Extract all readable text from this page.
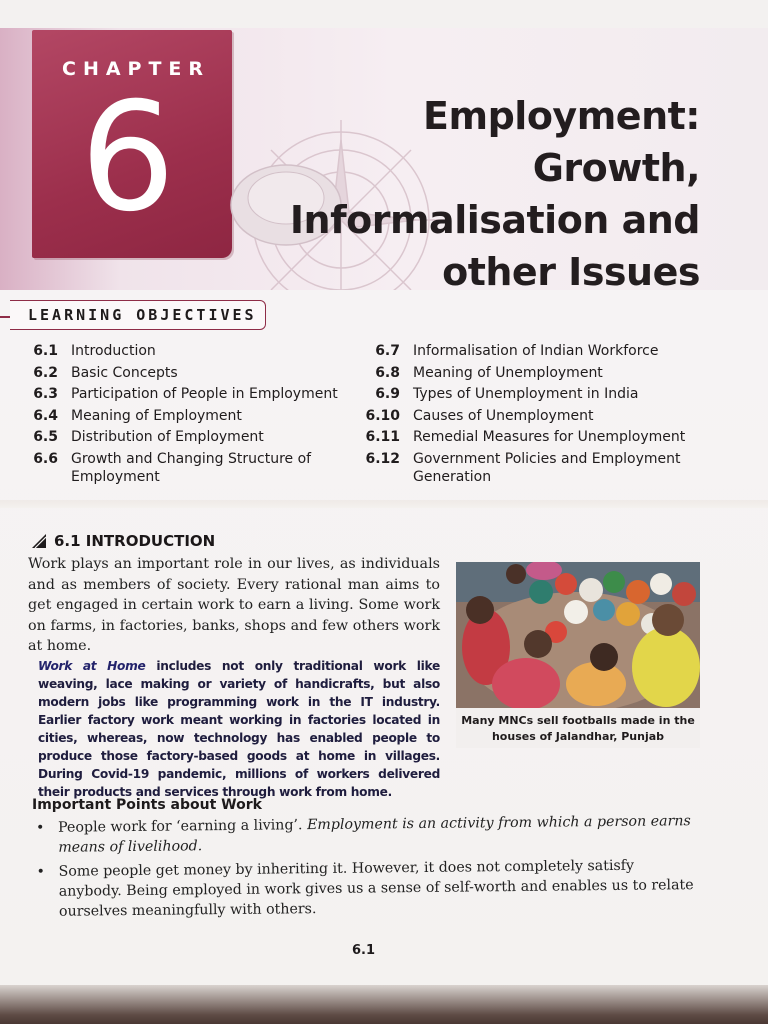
CHAPTER
6	Employment: Growth,
Informalisation and
other Issues
LEARNING OBJECTIVES
6.1 Introduction
6.2 Basic Concepts
6.3 Participation of People in Employment
6.4 Meaning of Employment
6.5 Distribution of Employment
6.6 Growth and Changing Structure of Employment
6.7 Informalisation of Indian Workforce
6.8 Meaning of Unemployment
6.9 Types of Unemployment in India
6.10 Causes of Unemployment
6.11 Remedial Measures for Unemployment
6.12 Government Policies and Employment Generation
6.1 INTRODUCTION
Work plays an important role in our lives, as individuals and as members of society. Every rational man aims to get engaged in certain work to earn a living. Some work on farms, in factories, banks, shops and few others work at home.
Work at Home includes not only traditional work like weaving, lace making or variety of handicrafts, but also modern jobs like programming work in the IT industry. Earlier factory work meant working in factories located in cities, whereas, now technology has enabled people to produce those factory-based goods at home in villages. During Covid-19 pandemic, millions of workers delivered their products and services through work from home.
Many MNCs sell footballs made in the houses of Jalandhar, Punjab
Important Points about Work
• People work for ‘earning a living’. Employment is an activity from which a person earns means of livelihood.
• Some people get money by inheriting it. However, it does not completely satisfy anybody. Being employed in work gives us a sense of self-worth and enables us to relate ourselves meaningfully with others.
6.1
